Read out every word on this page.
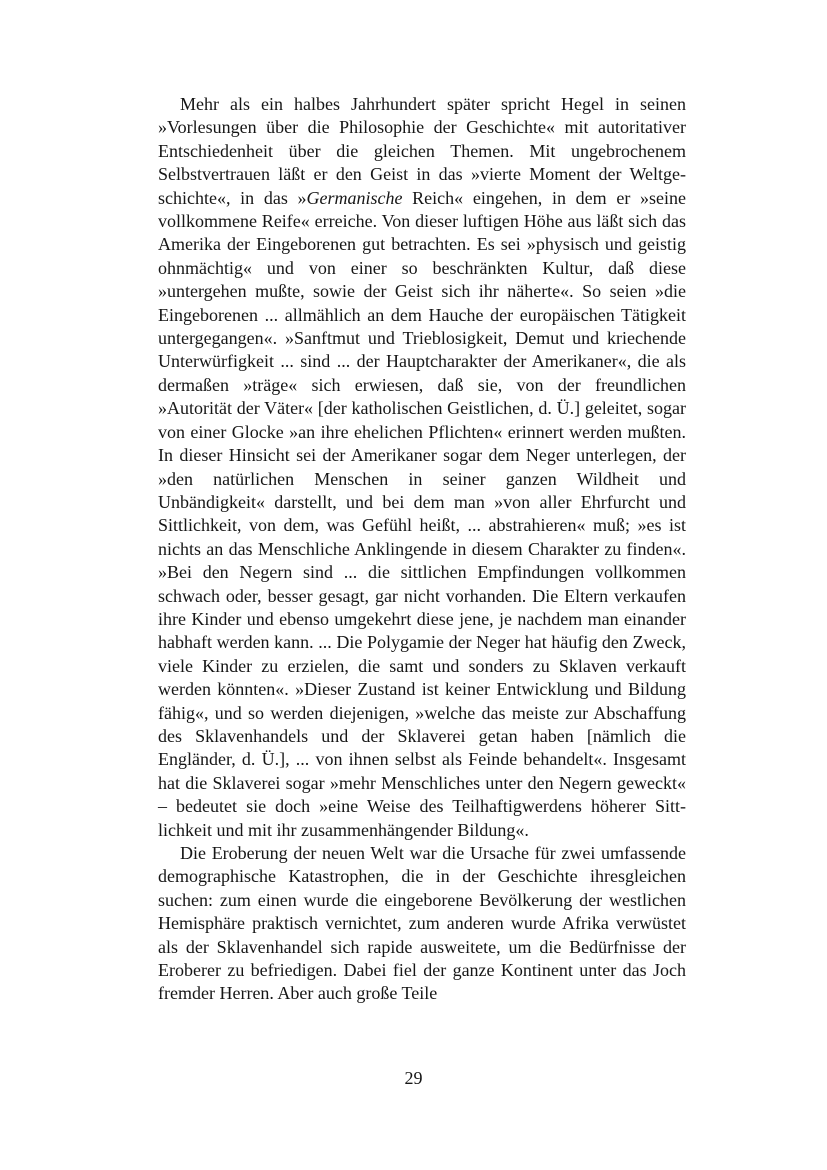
Mehr als ein halbes Jahrhundert später spricht Hegel in seinen »Vorlesungen über die Philosophie der Geschichte« mit autoritativer Entschiedenheit über die gleichen Themen. Mit ungebrochenem Selbstvertrauen läßt er den Geist in das »vierte Moment der Weltgeschichte«, in das »Germanische Reich« eingehen, in dem er »seine vollkommene Reife« erreiche. Von dieser luftigen Höhe aus läßt sich das Amerika der Eingeborenen gut betrachten. Es sei »physisch und geistig ohnmächtig« und von einer so beschränkten Kultur, daß diese »untergehen mußte, sowie der Geist sich ihr näherte«. So seien »die Eingeborenen ... allmählich an dem Hauche der europäischen Tätigkeit untergegangen«. »Sanftmut und Trieblosigkeit, Demut und kriechende Unterwürfigkeit ... sind ... der Hauptcharakter der Amerikaner«, die als dermaßen »träge« sich erwiesen, daß sie, von der freundlichen »Autorität der Väter« [der katholischen Geistlichen, d. Ü.] geleitet, sogar von einer Glocke »an ihre ehelichen Pflichten« erinnert werden mußten. In dieser Hinsicht sei der Amerikaner sogar dem Neger unterlegen, der »den natürlichen Menschen in seiner ganzen Wildheit und Unbändigkeit« darstellt, und bei dem man »von aller Ehrfurcht und Sittlichkeit, von dem, was Gefühl heißt, ... abstrahieren« muß; »es ist nichts an das Menschliche Anklingende in diesem Charakter zu finden«. »Bei den Negern sind ... die sittlichen Empfindungen vollkommen schwach oder, besser gesagt, gar nicht vorhanden. Die Eltern verkaufen ihre Kinder und ebenso umgekehrt diese jene, je nachdem man einander habhaft werden kann. ... Die Polygamie der Neger hat häufig den Zweck, viele Kinder zu erzielen, die samt und sonders zu Sklaven verkauft werden könnten«. »Dieser Zustand ist keiner Entwicklung und Bildung fähig«, und so werden diejenigen, »welche das meiste zur Abschaffung des Sklavenhandels und der Sklaverei getan haben [nämlich die Engländer, d. Ü.], ... von ihnen selbst als Feinde behandelt«. Insgesamt hat die Sklaverei sogar »mehr Menschliches unter den Negern geweckt« – bedeutet sie doch »eine Weise des Teilhaftigwerdens höherer Sittlichkeit und mit ihr zusammenhängender Bildung«.

Die Eroberung der neuen Welt war die Ursache für zwei umfassende demographische Katastrophen, die in der Geschichte ihresgleichen suchen: zum einen wurde die eingeborene Bevölkerung der westlichen Hemisphäre praktisch vernichtet, zum anderen wurde Afrika verwüstet als der Sklavenhandel sich rapide ausweitete, um die Bedürfnisse der Eroberer zu befriedigen. Dabei fiel der ganze Kontinent unter das Joch fremder Herren. Aber auch große Teile

29
